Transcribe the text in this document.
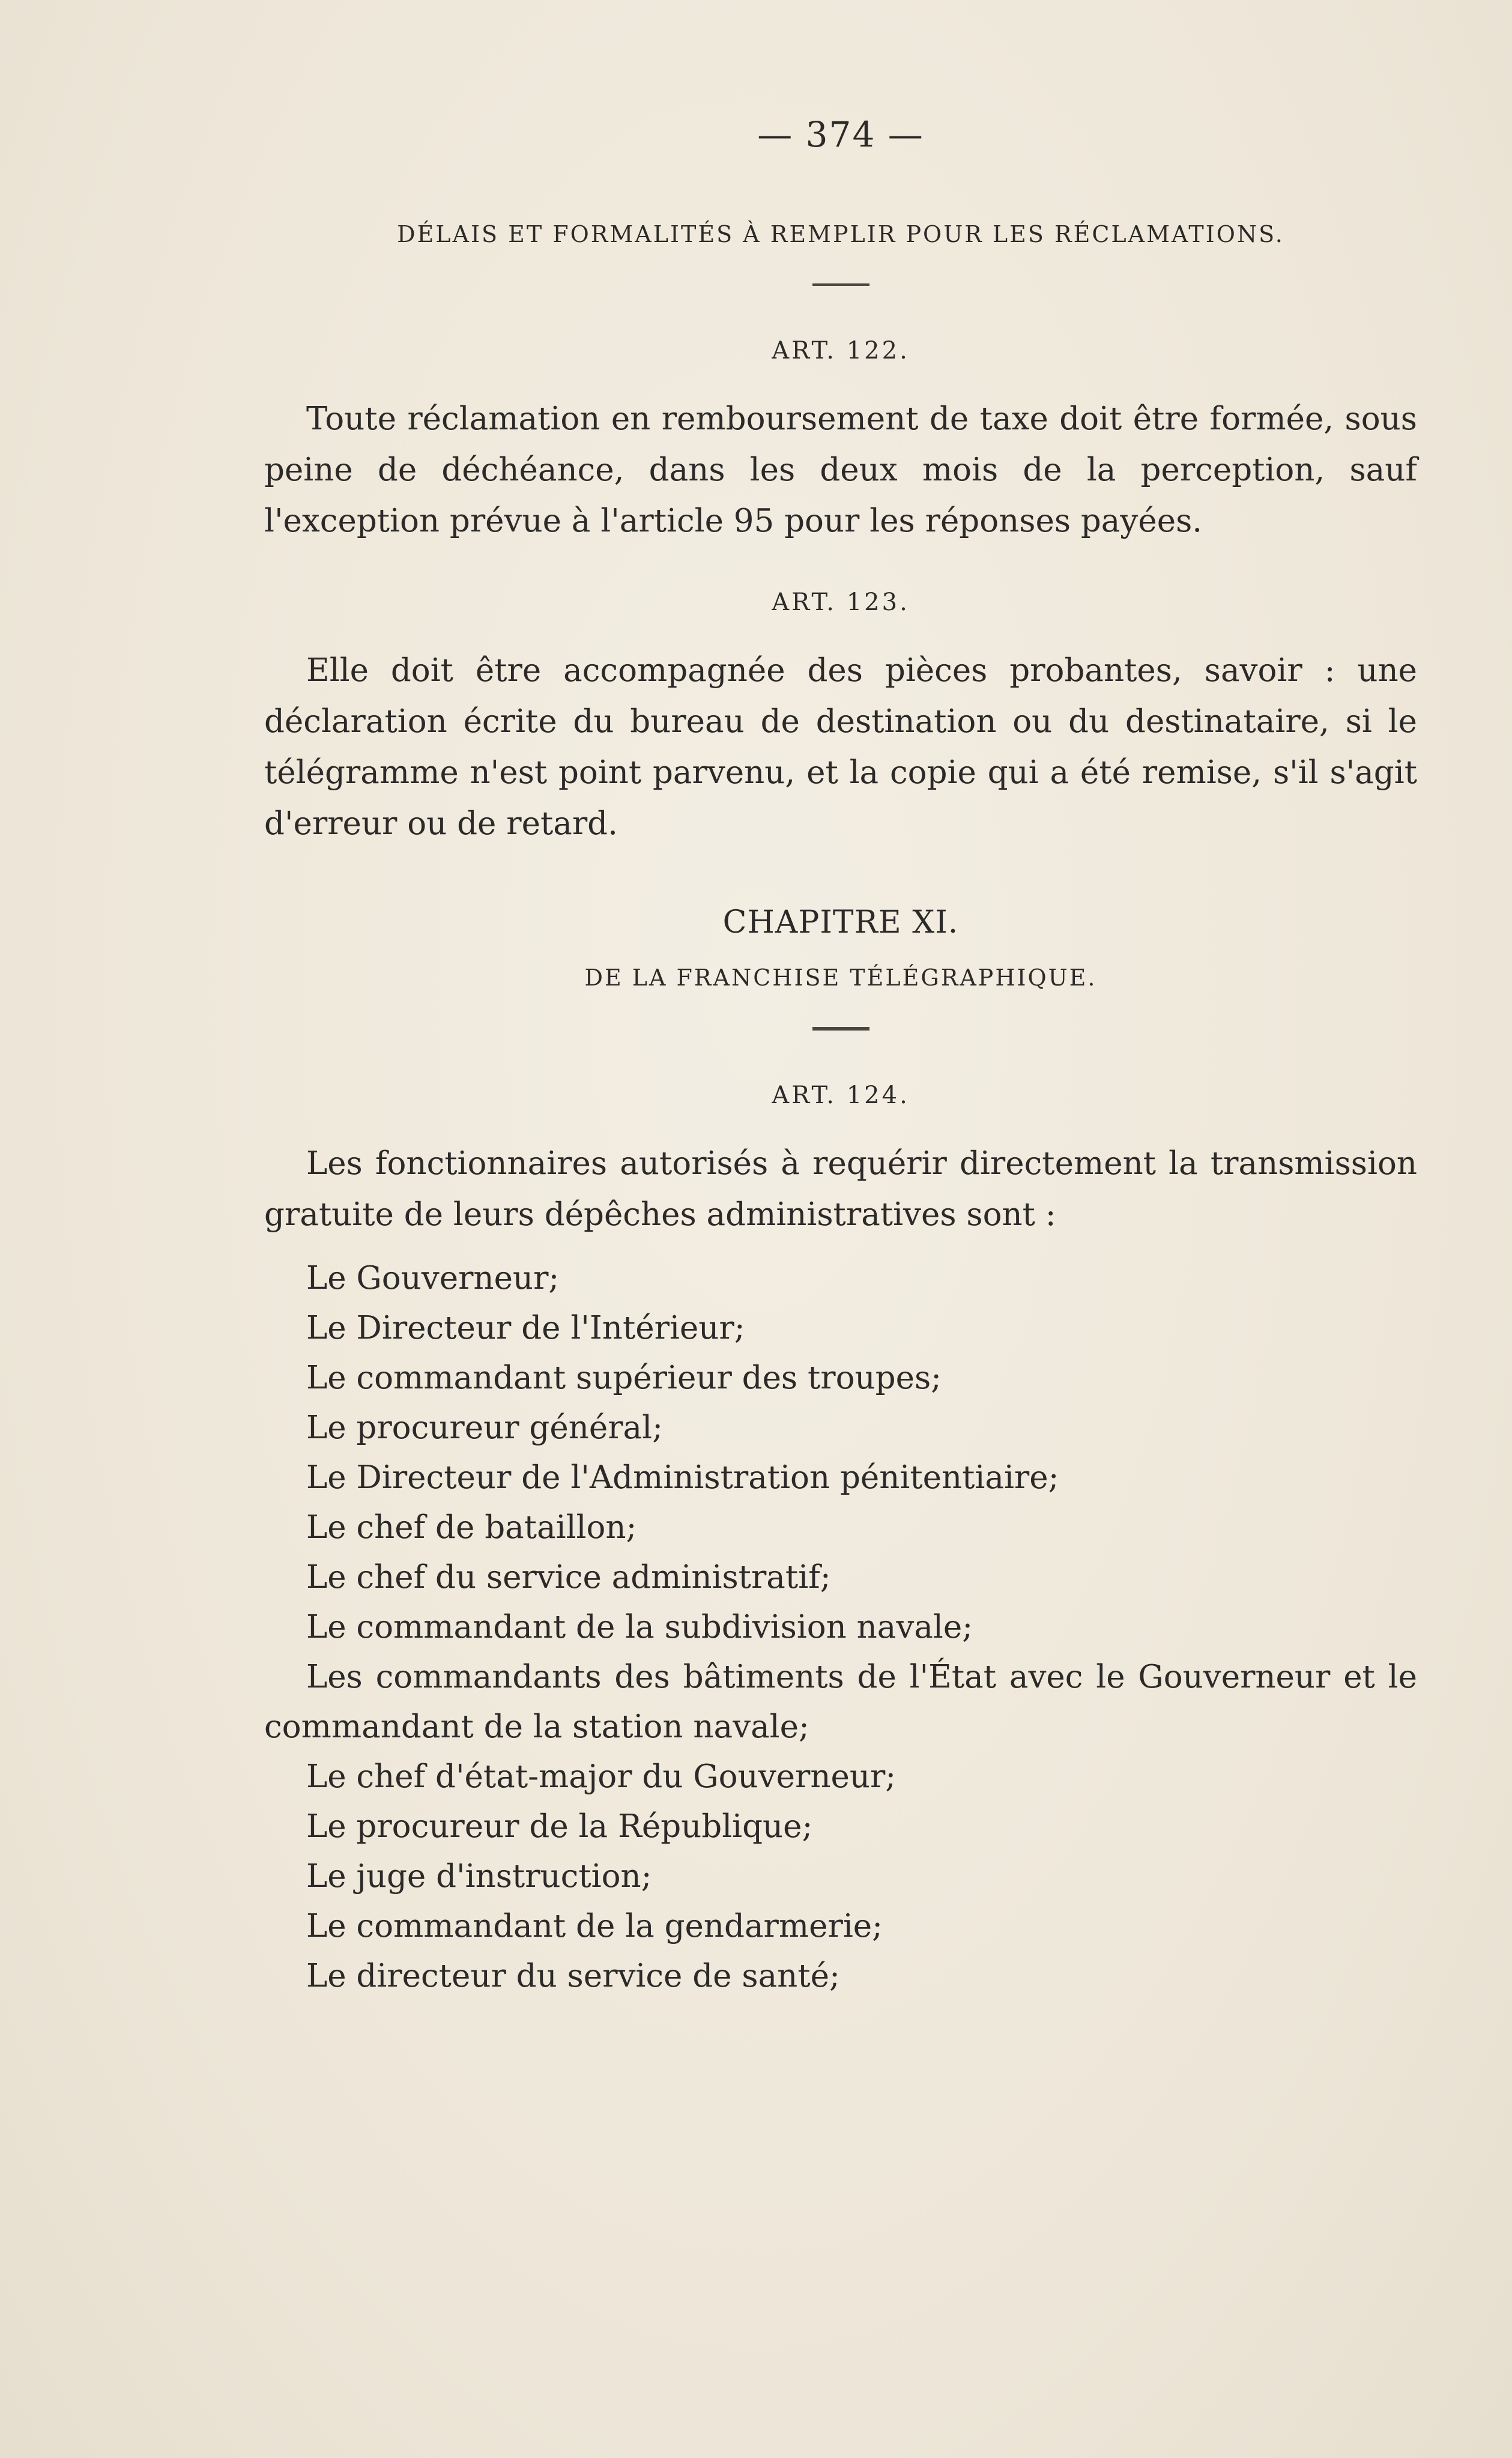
— 374 —
DÉLAIS ET FORMALITÉS À REMPLIR POUR LES RÉCLAMATIONS.
ART. 122.

Toute réclamation en remboursement de taxe doit être formée, sous peine de déchéance, dans les deux mois de la perception, sauf l'exception prévue à l'article 95 pour les réponses payées.

ART. 123.

Elle doit être accompagnée des pièces probantes, savoir : une déclaration écrite du bureau de destination ou du destinataire, si le télégramme n'est point parvenu, et la copie qui a été remise, s'il s'agit d'erreur ou de retard.

CHAPITRE XI.
DE LA FRANCHISE TÉLÉGRAPHIQUE.
ART. 124.

Les fonctionnaires autorisés à requérir directement la transmission gratuite de leurs dépêches administratives sont :

Le Gouverneur;
Le Directeur de l'Intérieur;
Le commandant supérieur des troupes;
Le procureur général;
Le Directeur de l'Administration pénitentiaire;
Le chef de bataillon;
Le chef du service administratif;
Le commandant de la subdivision navale;
Les commandants des bâtiments de l'État avec le Gouverneur et le commandant de la station navale;
Le chef d'état-major du Gouverneur;
Le procureur de la République;
Le juge d'instruction;
Le commandant de la gendarmerie;
Le directeur du service de santé;
